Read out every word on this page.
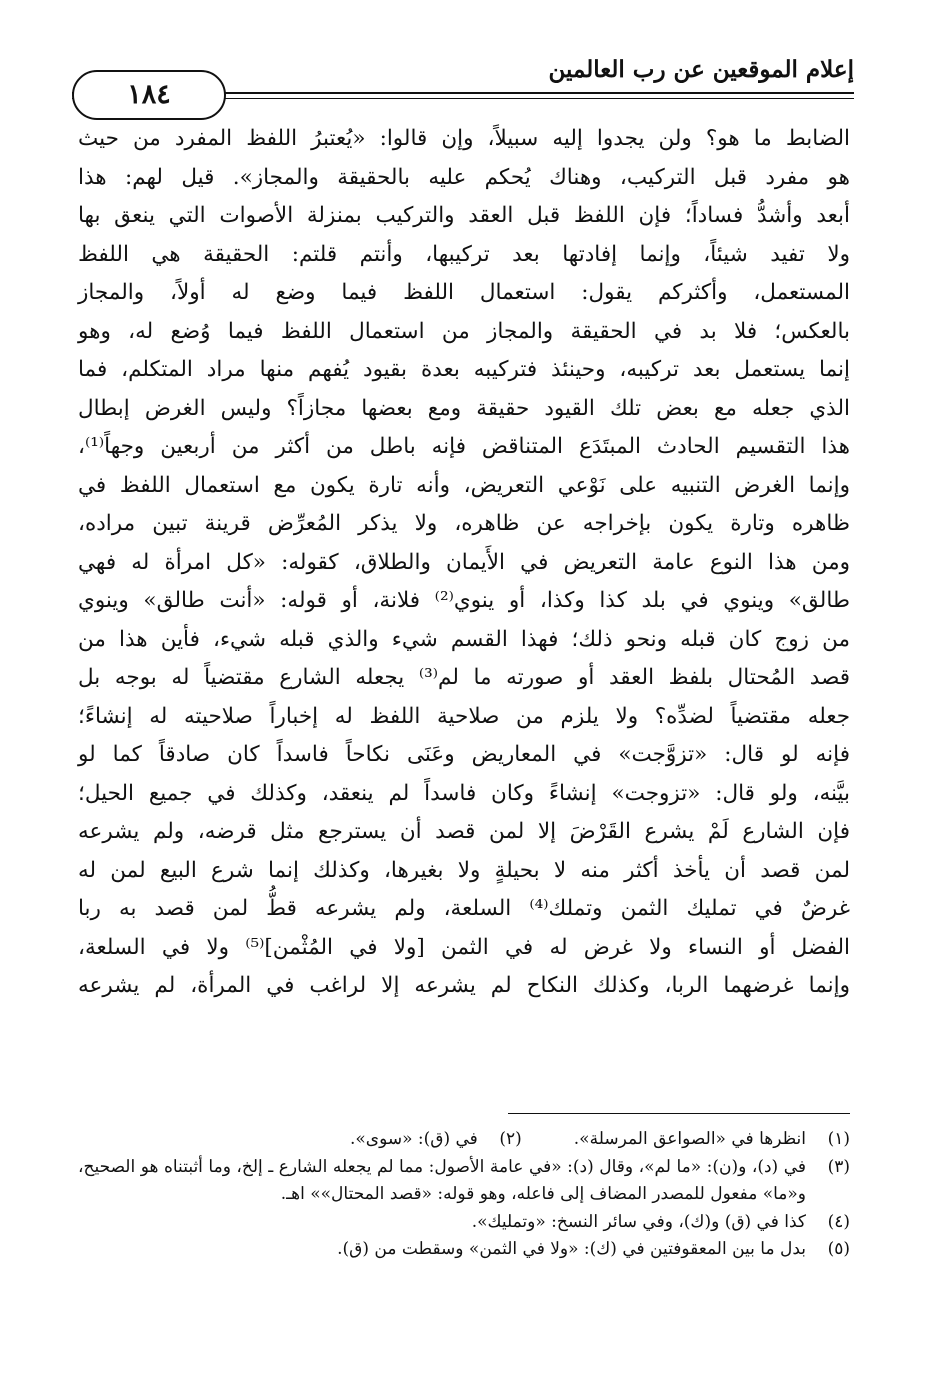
إعلام الموقعين عن رب العالمين
١٨٤

الضابط ما هو؟ ولن يجدوا إليه سبيلاً، وإن قالوا: «يُعتبرُ اللفظ المفرد من حيث

هو مفرد قبل التركيب، وهناك يُحكم عليه بالحقيقة والمجاز». قيل لهم: هذا

أبعد وأشدُّ فساداً؛ فإن اللفظ قبل العقد والتركيب بمنزلة الأصوات التي ينعق بها

ولا تفيد شيئاً، وإنما إفادتها بعد تركيبها، وأنتم قلتم: الحقيقة هي اللفظ

المستعمل، وأكثركم يقول: استعمال اللفظ فيما وضع له أولاً، والمجاز

بالعكس؛ فلا بد في الحقيقة والمجاز من استعمال اللفظ فيما وُضع له، وهو

إنما يستعمل بعد تركيبه، وحينئذ فتركيبه بعدة بقيود يُفهم منها مراد المتكلم، فما

الذي جعله مع بعض تلك القيود حقيقة ومع بعضها مجازاً؟ وليس الغرض إبطال

هذا التقسيم الحادث المبتَدَع المتناقض فإنه باطل من أكثر من أربعين وجهاً⁽¹⁾،

وإنما الغرض التنبيه على نَوْعي التعريض، وأنه تارة يكون مع استعمال اللفظ في

ظاهره وتارة يكون بإخراجه عن ظاهره، ولا يذكر المُعرِّض قرينة تبين مراده،

ومن هذا النوع عامة التعريض في الأَيمان والطلاق، كقوله: «كل امرأة له فهي

طالق» وينوي في بلد كذا وكذا، أو ينوي⁽²⁾ فلانة، أو قوله: «أنت طالق» وينوي

من زوج كان قبله ونحو ذلك؛ فهذا القسم شيء والذي قبله شيء، فأين هذا من

قصد المُحتال بلفظ العقد أو صورته ما لم⁽³⁾ يجعله الشارع مقتضياً له بوجه بل

جعله مقتضياً لضدِّه؟ ولا يلزم من صلاحية اللفظ له إخباراً صلاحيته له إنشاءً؛

فإنه لو قال: «تزوَّجت» في المعاريض وعَنَى نكاحاً فاسداً كان صادقاً كما لو

بيَّنه، ولو قال: «تزوجت» إنشاءً وكان فاسداً لم ينعقد، وكذلك في جميع الحيل؛

فإن الشارع لَمْ يشرع القَرْضَ إلا لمن قصد أن يسترجع مثل قرضه، ولم يشرعه

لمن قصد أن يأخذ أكثر منه لا بحيلةٍ ولا بغيرها، وكذلك إنما شرع البيع لمن له

غرضٌ في تمليك الثمن وتملك⁽⁴⁾ السلعة، ولم يشرعه قطُّ لمن قصد به ربا

الفضل أو النساء ولا غرض له في الثمن [ولا في المُثْمن]⁽⁵⁾ ولا في السلعة،

وإنما غرضهما الربا، وكذلك النكاح لم يشرعه إلا لراغب في المرأة، لم يشرعه

(١)
انظرها في «الصواعق المرسلة».
(٢)
في (ق): «سوى».
(٣)
في (د)، و(ن): «ما لم»، وقال (د): «في عامة الأصول: مما لم يجعله الشارع ـ إلخ، وما أثبتناه هو الصحيح، و«ما» مفعول للمصدر المضاف إلى فاعله، وهو قوله: «قصد المحتال»» اهـ.
(٤)
كذا في (ق) و(ك)، وفي سائر النسخ: «وتمليك».
(٥)
بدل ما بين المعقوفتين في (ك): «ولا في الثمن» وسقطت من (ق).
